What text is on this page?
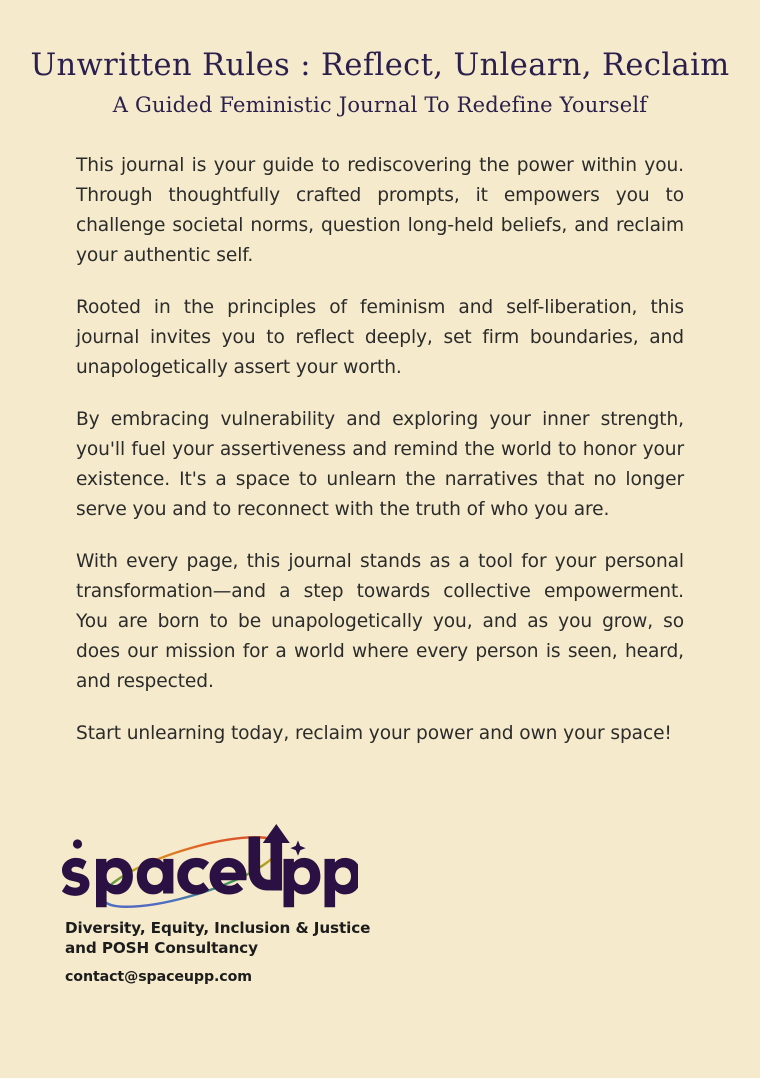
Unwritten Rules : Reflect, Unlearn, Reclaim
A Guided Feministic Journal To Redefine Yourself

This journal is your guide to rediscovering the power within you. Through thoughtfully crafted prompts, it empowers you to challenge societal norms, question long-held beliefs, and reclaim your authentic self.

Rooted in the principles of feminism and self-liberation, this journal invites you to reflect deeply, set firm boundaries, and unapologetically assert your worth.

By embracing vulnerability and exploring your inner strength, you'll fuel your assertiveness and remind the world to honor your existence. It's a space to unlearn the narratives that no longer serve you and to reconnect with the truth of who you are.

With every page, this journal stands as a tool for your personal transformation—and a step towards collective empowerment. You are born to be unapologetically you, and as you grow, so does our mission for a world where every person is seen, heard, and respected.

Start unlearning today, reclaim your power and own your space!

Diversity, Equity, Inclusion & Justice
and POSH Consultancy
contact@spaceupp.com
